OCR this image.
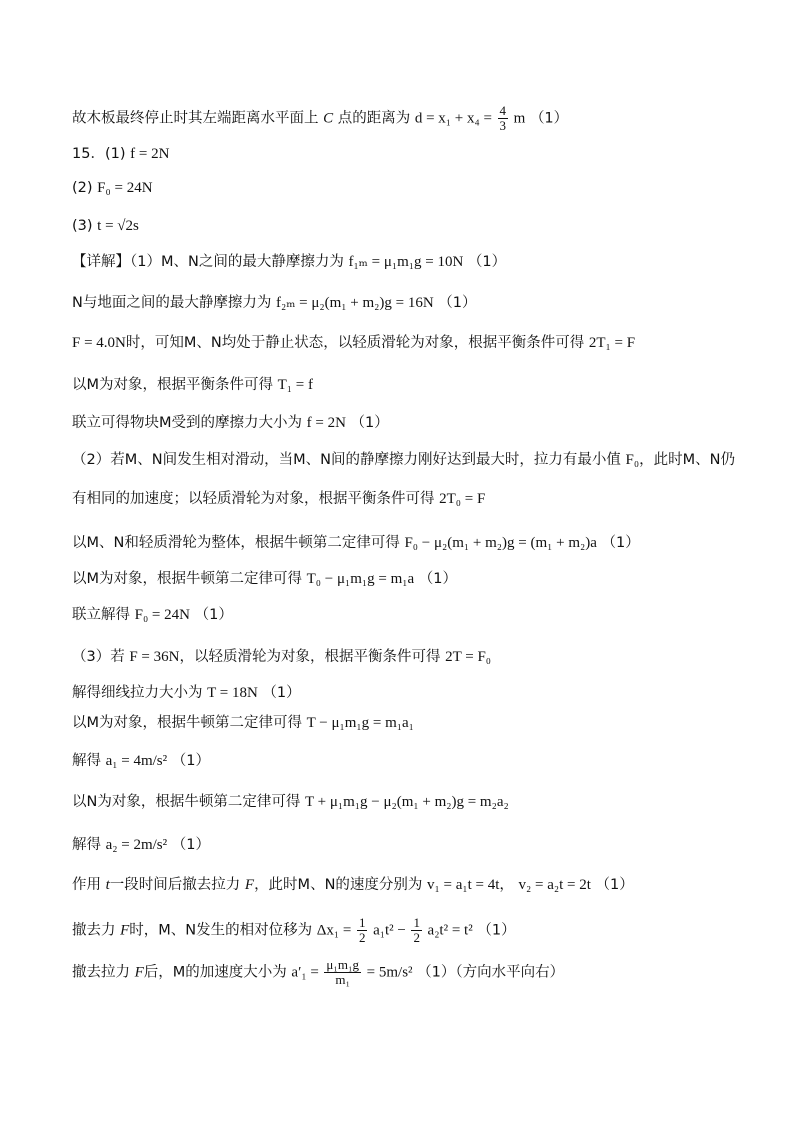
故木板最终停止时其左端距离水平面上 C 点的距离为 $d = x_1 + x_4 = \frac{4}{3}$ m （1）
15．(1) f = 2N
(2) F₀ = 24N
(3) t = √2s
【详解】（1）M、N之间的最大静摩擦力为 f₁ₘ = μ₁m₁g = 10N （1）
N与地面之间的最大静摩擦力为 f₂ₘ = μ₂(m₁ + m₂)g = 16N （1）
F = 4.0N时，可知M、N均处于静止状态，以轻质滑轮为对象，根据平衡条件可得 2T₁ = F
以M为对象，根据平衡条件可得 T₁ = f
联立可得物块M受到的摩擦力大小为 f = 2N （1）
（2）若M、N间发生相对滑动，当M、N间的静摩擦力刚好达到最大时，拉力有最小值 F₀，此时M、N仍
有相同的加速度；以轻质滑轮为对象，根据平衡条件可得 2T₀ = F
以M、N和轻质滑轮为整体，根据牛顿第二定律可得 F₀ − μ₂(m₁ + m₂)g = (m₁ + m₂)a （1）
以M为对象，根据牛顿第二定律可得 T₀ − μ₁m₁g = m₁a （1）
联立解得 F₀ = 24N （1）
（3）若 F = 36N，以轻质滑轮为对象，根据平衡条件可得 2T = F₀
解得细线拉力大小为 T = 18N （1）
以M为对象，根据牛顿第二定律可得 T − μ₁m₁g = m₁a₁
解得 a₁ = 4m/s² （1）
以N为对象，根据牛顿第二定律可得 T + μ₁m₁g − μ₂(m₁ + m₂)g = m₂a₂
解得 a₂ = 2m/s² （1）
作用 t一段时间后撤去拉力 F，此时M、N的速度分别为 v₁ = a₁t = 4t， v₂ = a₂t = 2t （1）
撤去力 F时，M、N发生的相对位移为 $\Delta x_1 = \frac{1}{2} a_1t^2 - \frac{1}{2} a_2t^2 = t^2$ （1）
撤去拉力 F后，M的加速度大小为 $a'_1 = \frac{\text{μ₁m₁g}}{\text{m₁}} = 5m/s^2$ （1）（方向水平向右）
